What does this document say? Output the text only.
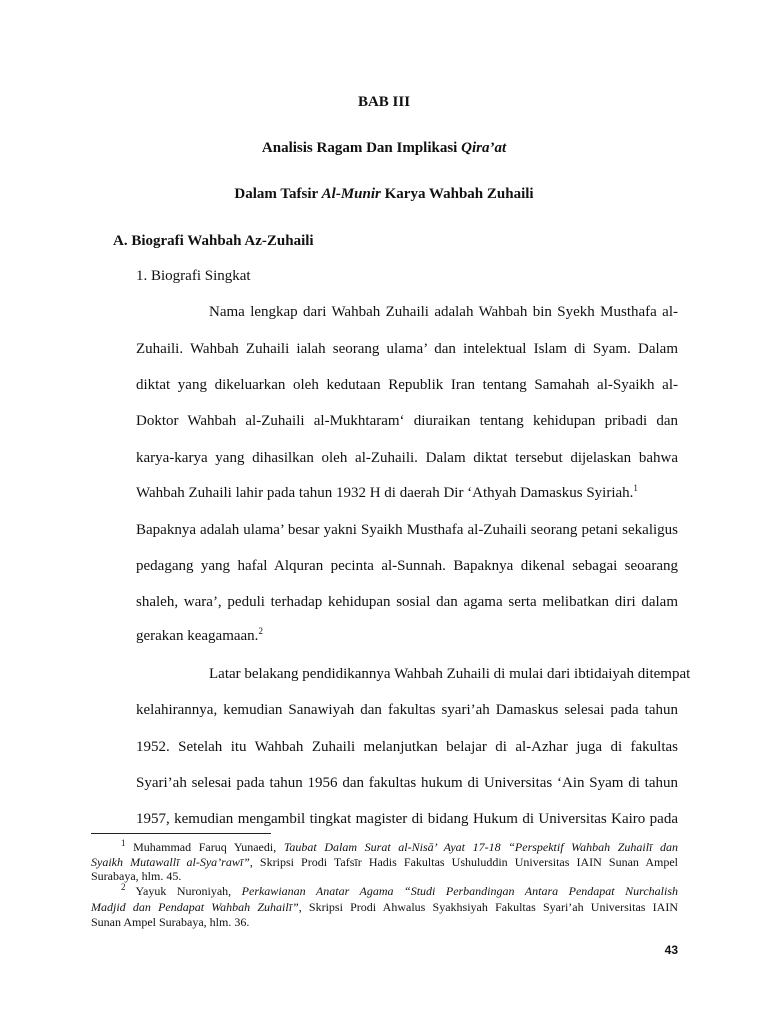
BAB III
Analisis Ragam Dan Implikasi Qira’at
Dalam Tafsir Al-Munir Karya Wahbah Zuhaili
A. Biografi Wahbah Az-Zuhaili
1. Biografi Singkat
Nama lengkap dari Wahbah Zuhaili adalah Wahbah bin Syekh Musthafa al-
Zuhaili. Wahbah Zuhaili ialah seorang ulama’ dan intelektual Islam di Syam. Dalam
diktat yang dikeluarkan oleh kedutaan Republik Iran tentang Samahah al-Syaikh al-
Doktor Wahbah al-Zuhaili al-Mukhtaram‘ diuraikan tentang kehidupan pribadi dan
karya-karya yang dihasilkan oleh al-Zuhaili. Dalam diktat tersebut dijelaskan bahwa
Wahbah Zuhaili lahir pada tahun 1932 H di daerah Dir ‘Athyah Damaskus Syiriah.$^1$
Bapaknya adalah ulama’ besar yakni Syaikh Musthafa al-Zuhaili seorang petani sekaligus
pedagang yang hafal Alquran pecinta al-Sunnah. Bapaknya dikenal sebagai seoarang
shaleh, wara’, peduli terhadap kehidupan sosial dan agama serta melibatkan diri dalam
gerakan keagamaan.$^2$
Latar belakang pendidikannya Wahbah Zuhaili di mulai dari ibtidaiyah ditempat
kelahirannya, kemudian Sanawiyah dan fakultas syari’ah Damaskus selesai pada tahun
1952. Setelah itu Wahbah Zuhaili melanjutkan belajar di al-Azhar juga di fakultas
Syari’ah selesai pada tahun 1956 dan fakultas hukum di Universitas ‘Ain Syam di tahun
1957, kemudian mengambil tingkat magister di bidang Hukum di Universitas Kairo pada
$^1$ Muhammad Faruq Yunaedi, Taubat Dalam Surat al-Nisā’ Ayat 17-18 “Perspektif Wahbah Zuhailī dan
Syaikh Mutawallī al-Sya’rawī”, Skripsi Prodi Tafsīr Hadis Fakultas Ushuluddin Universitas IAIN Sunan Ampel
Surabaya, hlm. 45.
$^2$ Yayuk Nuroniyah, Perkawianan Anatar Agama “Studi Perbandingan Antara Pendapat Nurchalish
Madjid dan Pendapat Wahbah Zuhailī”, Skripsi Prodi Ahwalus Syakhsiyah Fakultas Syari’ah Universitas IAIN
Sunan Ampel Surabaya, hlm. 36.
43
